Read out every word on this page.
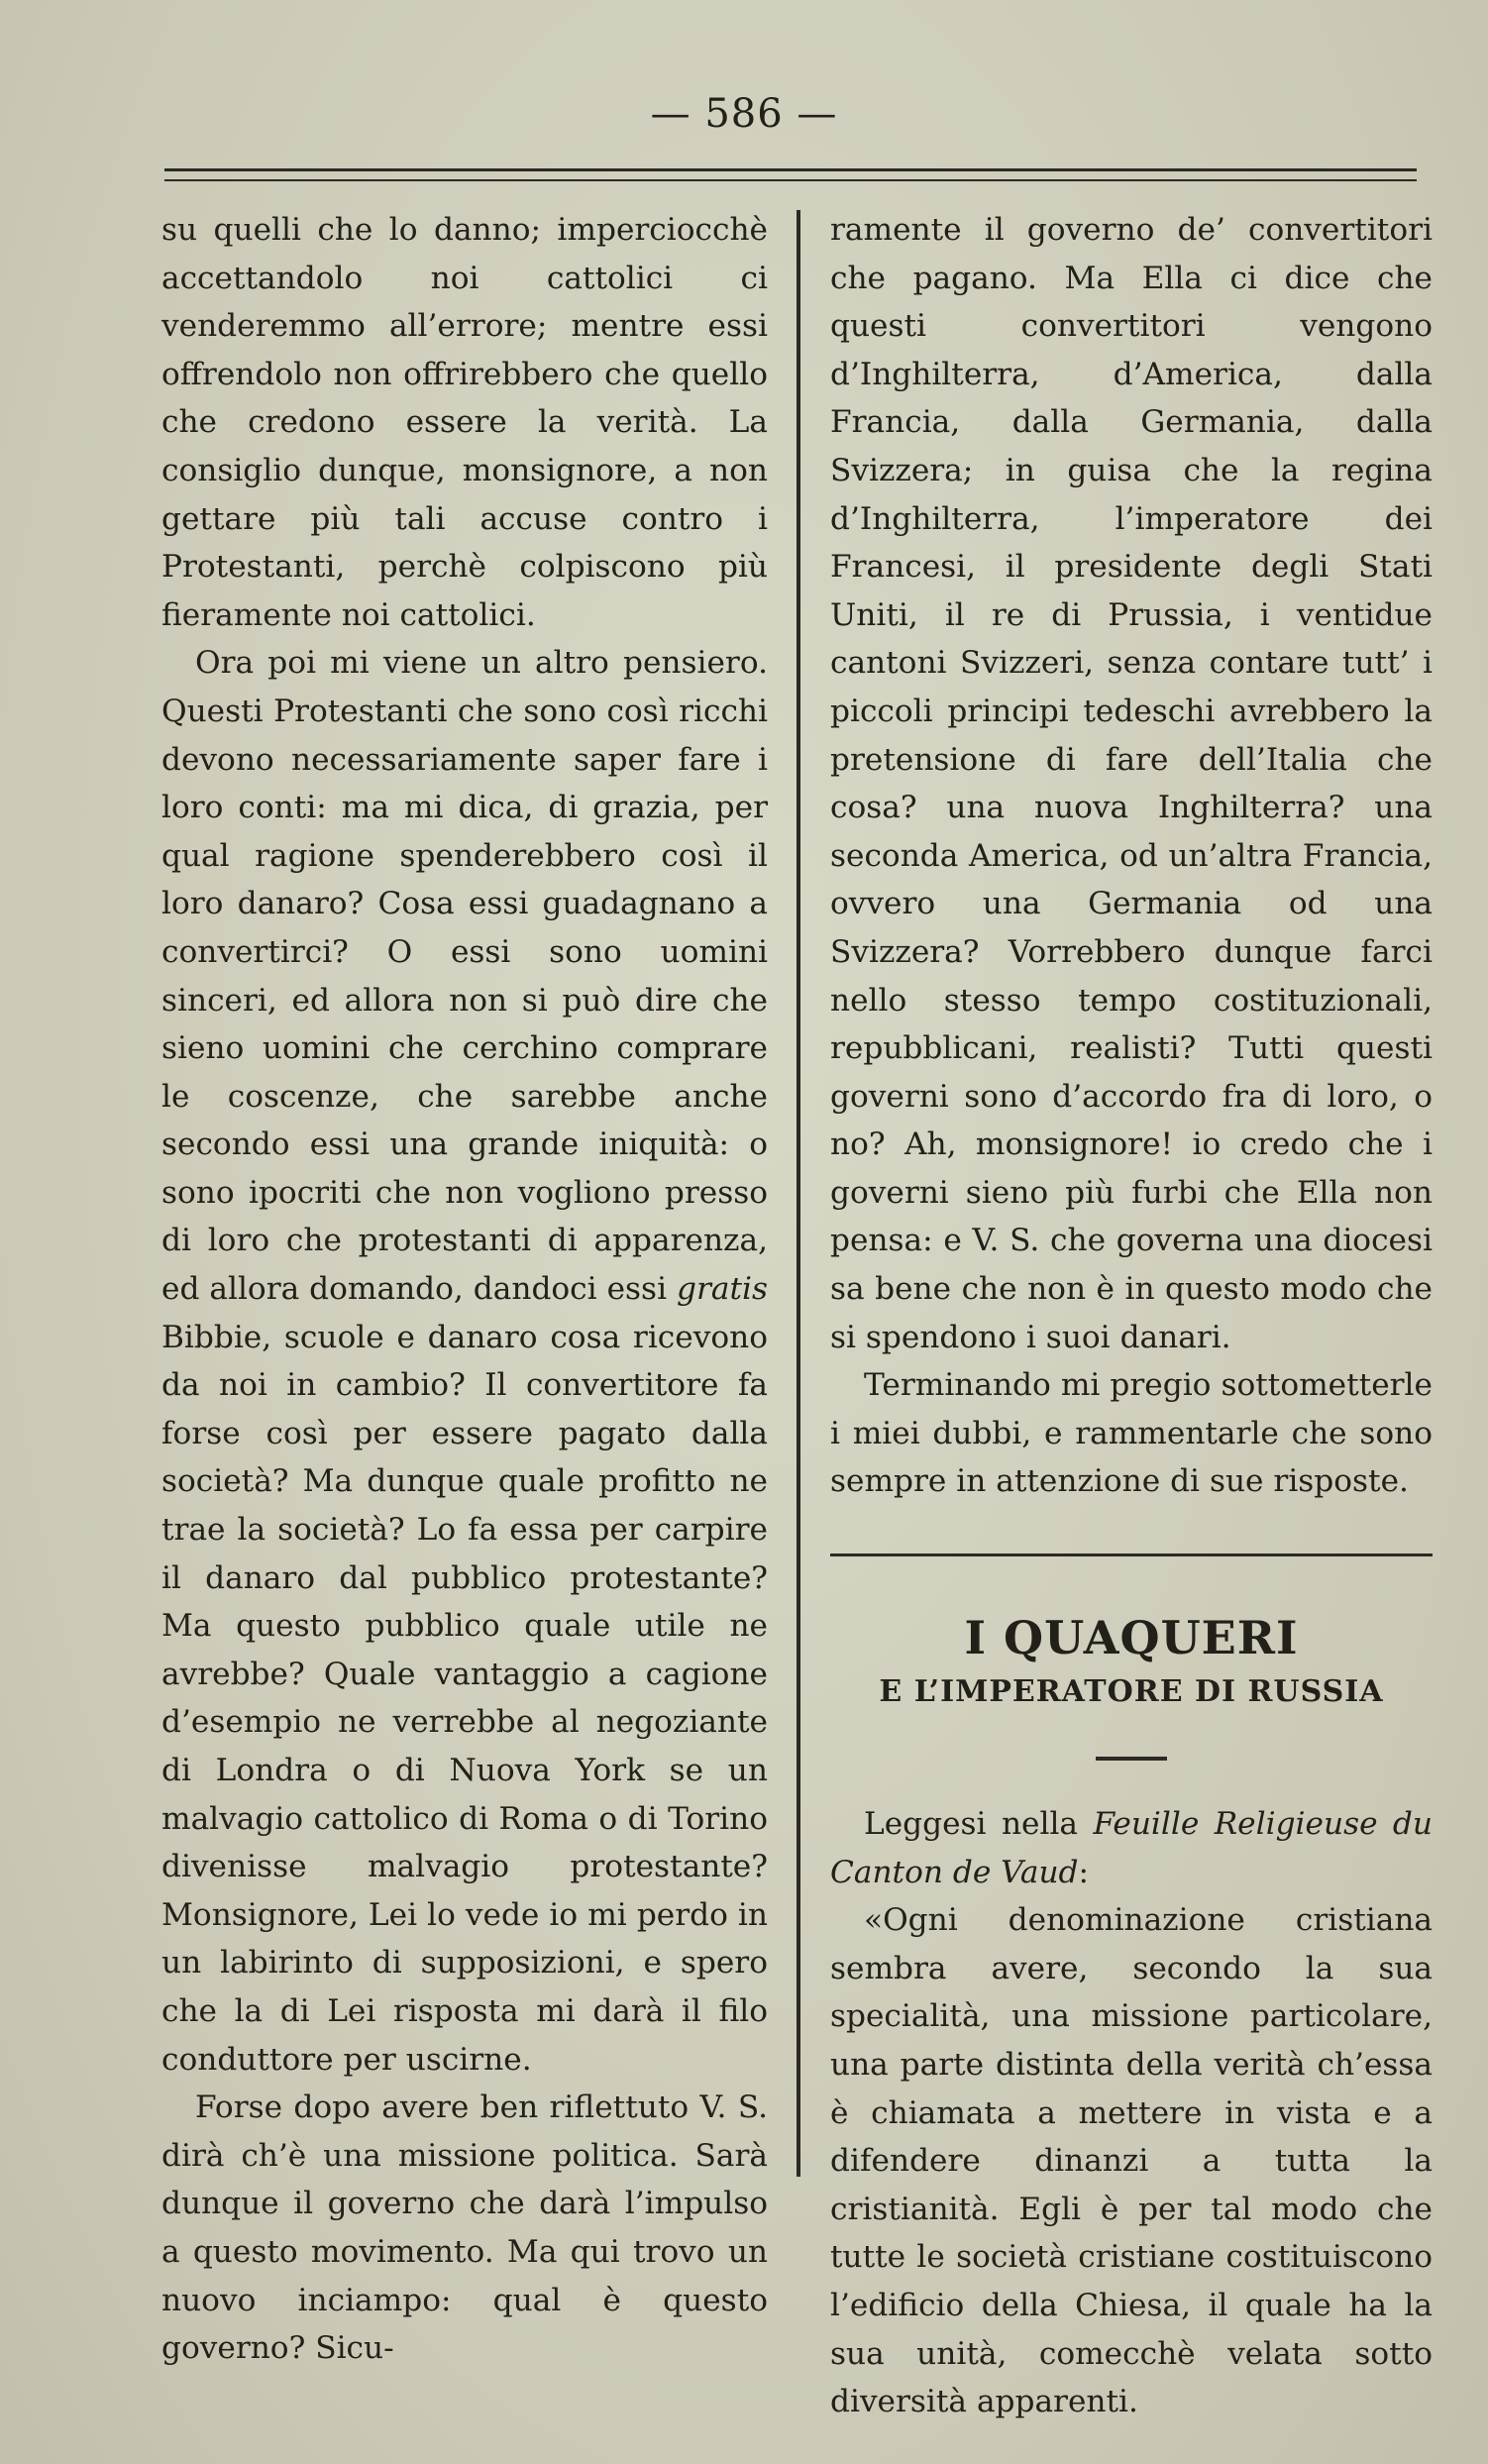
— 586 —

su quelli che lo danno; imperciocchè accettandolo noi cattolici ci venderemmo all’errore; mentre essi offrendolo non offrirebbero che quello che credono essere la verità. La consiglio dunque, monsignore, a non gettare più tali accuse contro i Protestanti, perchè colpiscono più fieramente noi cattolici.

Ora poi mi viene un altro pensiero. Questi Protestanti che sono così ricchi devono necessariamente saper fare i loro conti: ma mi dica, di grazia, per qual ragione spenderebbero così il loro danaro? Cosa essi guadagnano a convertirci? O essi sono uomini sinceri, ed allora non si può dire che sieno uomini che cerchino comprare le coscenze, che sarebbe anche secondo essi una grande iniquità: o sono ipocriti che non vogliono presso di loro che protestanti di apparenza, ed allora domando, dandoci essi gratis Bibbie, scuole e danaro cosa ricevono da noi in cambio? Il convertitore fa forse così per essere pagato dalla società? Ma dunque quale profitto ne trae la società? Lo fa essa per carpire il danaro dal pubblico protestante? Ma questo pubblico quale utile ne avrebbe? Quale vantaggio a cagione d’esempio ne verrebbe al negoziante di Londra o di Nuova York se un malvagio cattolico di Roma o di Torino divenisse malvagio protestante? Monsignore, Lei lo vede io mi perdo in un labirinto di supposizioni, e spero che la di Lei risposta mi darà il filo conduttore per uscirne.

Forse dopo avere ben riflettuto V. S. dirà ch’è una missione politica. Sarà dunque il governo che darà l’impulso a questo movimento. Ma qui trovo un nuovo inciampo: qual è questo governo? Sicu-

ramente il governo de’ convertitori che pagano. Ma Ella ci dice che questi convertitori vengono d’Inghilterra, d’America, dalla Francia, dalla Germania, dalla Svizzera; in guisa che la regina d’Inghilterra, l’imperatore dei Francesi, il presidente degli Stati Uniti, il re di Prussia, i ventidue cantoni Svizzeri, senza contare tutt’ i piccoli principi tedeschi avrebbero la pretensione di fare dell’Italia che cosa? una nuova Inghilterra? una seconda America, od un’altra Francia, ovvero una Germania od una Svizzera? Vorrebbero dunque farci nello stesso tempo costituzionali, repubblicani, realisti? Tutti questi governi sono d’accordo fra di loro, o no? Ah, monsignore! io credo che i governi sieno più furbi che Ella non pensa: e V. S. che governa una diocesi sa bene che non è in questo modo che si spendono i suoi danari.

Terminando mi pregio sottometterle i miei dubbi, e rammentarle che sono sempre in attenzione di sue risposte.

I QUAQUERI

E L’IMPERATORE DI RUSSIA

Leggesi nella Feuille Religieuse du Canton de Vaud:

«Ogni denominazione cristiana sembra avere, secondo la sua specialità, una missione particolare, una parte distinta della verità ch’essa è chiamata a mettere in vista e a difendere dinanzi a tutta la cristianità. Egli è per tal modo che tutte le società cristiane costituiscono l’edificio della Chiesa, il quale ha la sua unità, comecchè velata sotto diversità apparenti.
